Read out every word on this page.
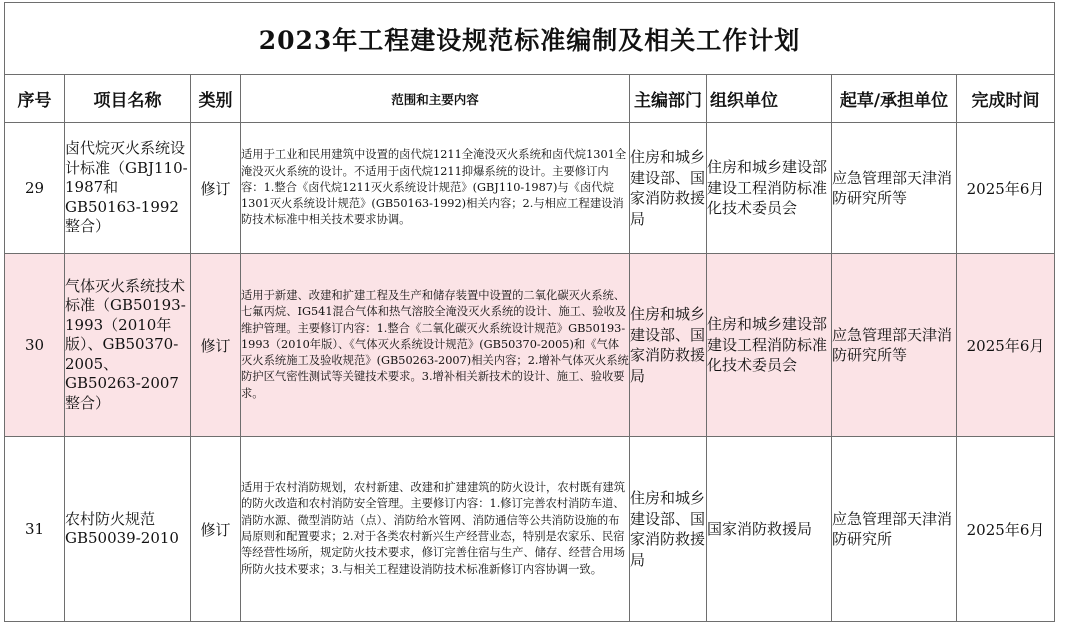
2023年工程建设规范标准编制及相关工作计划							
序号	项目名称	类别	范围和主要内容	主编部门	组织单位	起草/承担单位	完成时间
29	卤代烷灭火系统设计标准（GBJ110-1987和GB50163-1992整合）	修订	适用于工业和民用建筑中设置的卤代烷1211全淹没灭火系统和卤代烷1301全淹没灭火系统的设计。不适用于卤代烷1211抑爆系统的设计。主要修订内容：1.整合《卤代烷1211灭火系统设计规范》(GBJ110-1987)与《卤代烷1301灭火系统设计规范》(GB50163-1992)相关内容；2.与相应工程建设消防技术标准中相关技术要求协调。	住房和城乡建设部、国家消防救援局	住房和城乡建设部建设工程消防标准化技术委员会	应急管理部天津消防研究所等	2025年6月
30	气体灭火系统技术标准（GB50193-1993（2010年版）、GB50370-2005、GB50263-2007整合）	修订	适用于新建、改建和扩建工程及生产和储存装置中设置的二氧化碳灭火系统、七氟丙烷、IG541混合气体和热气溶胶全淹没灭火系统的设计、施工、验收及维护管理。主要修订内容：1.整合《二氧化碳灭火系统设计规范》GB50193-1993（2010年版）、《气体灭火系统设计规范》(GB50370-2005)和《气体灭火系统施工及验收规范》(GB50263-2007)相关内容；2.增补气体灭火系统防护区气密性测试等关键技术要求。3.增补相关新技术的设计、施工、验收要求。	住房和城乡建设部、国家消防救援局	住房和城乡建设部建设工程消防标准化技术委员会	应急管理部天津消防研究所等	2025年6月
31	农村防火规范GB50039-2010	修订	适用于农村消防规划，农村新建、改建和扩建建筑的防火设计，农村既有建筑的防火改造和农村消防安全管理。主要修订内容：1.修订完善农村消防车道、消防水源、微型消防站（点）、消防给水管网、消防通信等公共消防设施的布局原则和配置要求；2.对于各类农村新兴生产经营业态，特别是农家乐、民宿等经营性场所，规定防火技术要求，修订完善住宿与生产、储存、经营合用场所防火技术要求；3.与相关工程建设消防技术标准新修订内容协调一致。	住房和城乡建设部、国家消防救援局	国家消防救援局	应急管理部天津消防研究所	2025年6月
